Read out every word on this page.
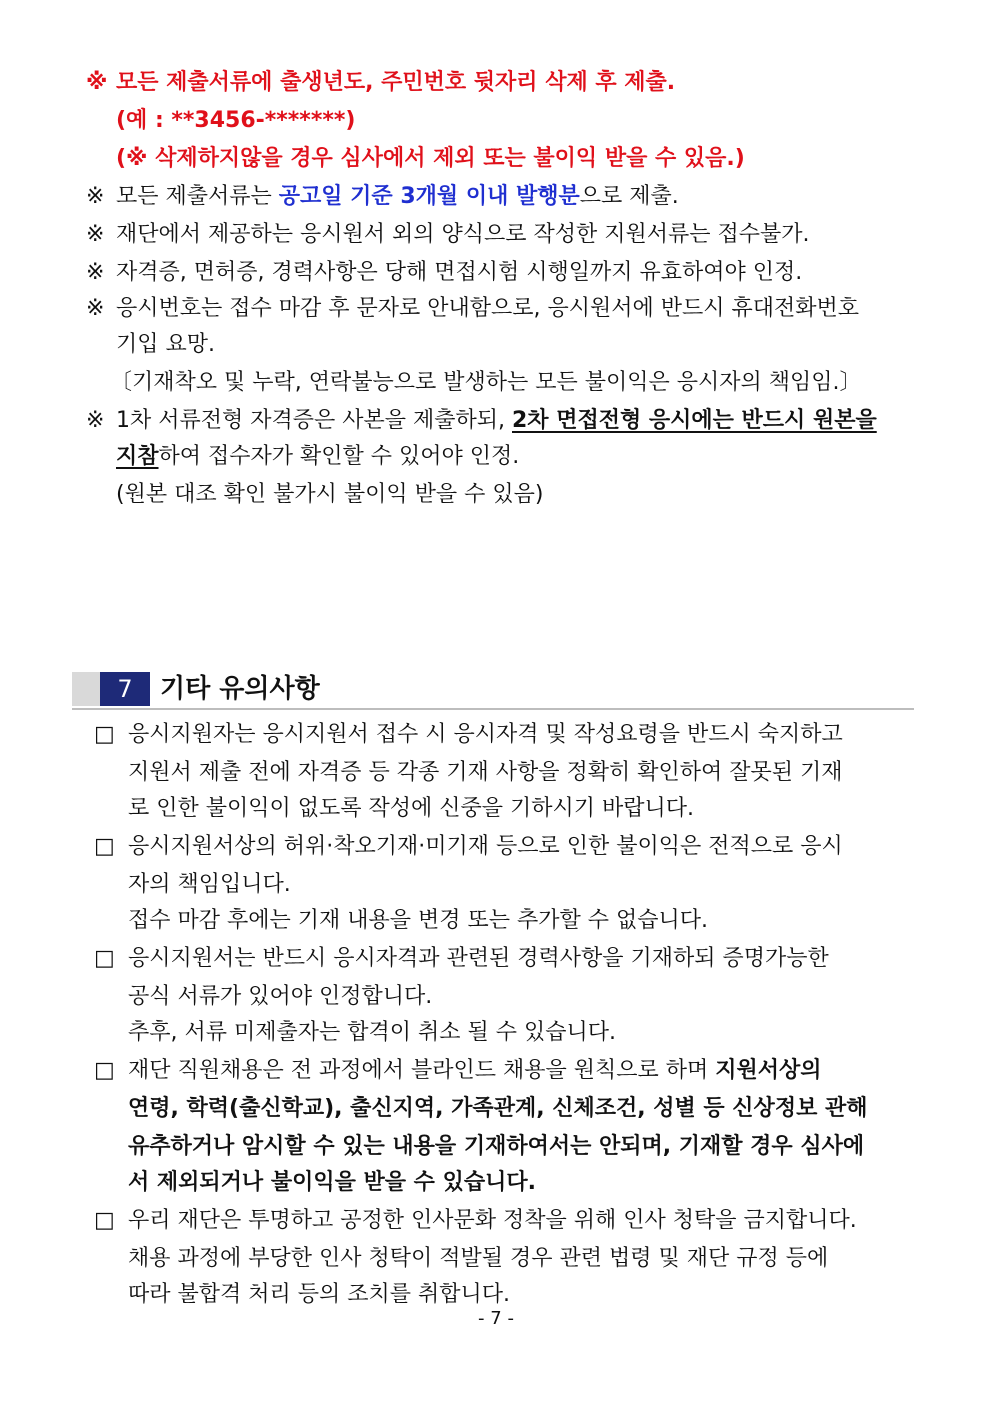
※ 모든 제출서류에 출생년도, 주민번호 뒷자리 삭제 후 제출.
(예 : **3456-*******)
(※ 삭제하지않을 경우 심사에서 제외 또는 불이익 받을 수 있음.)
※ 모든 제출서류는 공고일 기준 3개월 이내 발행분으로 제출.
※ 재단에서 제공하는 응시원서 외의 양식으로 작성한 지원서류는 접수불가.
※ 자격증, 면허증, 경력사항은 당해 면접시험 시행일까지 유효하여야 인정.
※ 응시번호는 접수 마감 후 문자로 안내함으로, 응시원서에 반드시 휴대전화번호
기입 요망.
〔기재착오 및 누락, 연락불능으로 발생하는 모든 불이익은 응시자의 책임임.〕
※ 1차 서류전형 자격증은 사본을 제출하되, 2차 면접전형 응시에는 반드시 원본을
지참하여 접수자가 확인할 수 있어야 인정.
(원본 대조 확인 불가시 불이익 받을 수 있음)
7	기타 유의사항
□ 응시지원자는 응시지원서 접수 시 응시자격 및 작성요령을 반드시 숙지하고
지원서 제출 전에 자격증 등 각종 기재 사항을 정확히 확인하여 잘못된 기재
로 인한 불이익이 없도록 작성에 신중을 기하시기 바랍니다.
□ 응시지원서상의 허위·착오기재·미기재 등으로 인한 불이익은 전적으로 응시
자의 책임입니다.
접수 마감 후에는 기재 내용을 변경 또는 추가할 수 없습니다.
□ 응시지원서는 반드시 응시자격과 관련된 경력사항을 기재하되 증명가능한
공식 서류가 있어야 인정합니다.
추후, 서류 미제출자는 합격이 취소 될 수 있습니다.
□ 재단 직원채용은 전 과정에서 블라인드 채용을 원칙으로 하며 지원서상의
연령, 학력(출신학교), 출신지역, 가족관계, 신체조건, 성별 등 신상정보 관해
유추하거나 암시할 수 있는 내용을 기재하여서는 안되며, 기재할 경우 심사에
서 제외되거나 불이익을 받을 수 있습니다.
□ 우리 재단은 투명하고 공정한 인사문화 정착을 위해 인사 청탁을 금지합니다.
채용 과정에 부당한 인사 청탁이 적발될 경우 관련 법령 및 재단 규정 등에
따라 불합격 처리 등의 조치를 취합니다.
- 7 -
